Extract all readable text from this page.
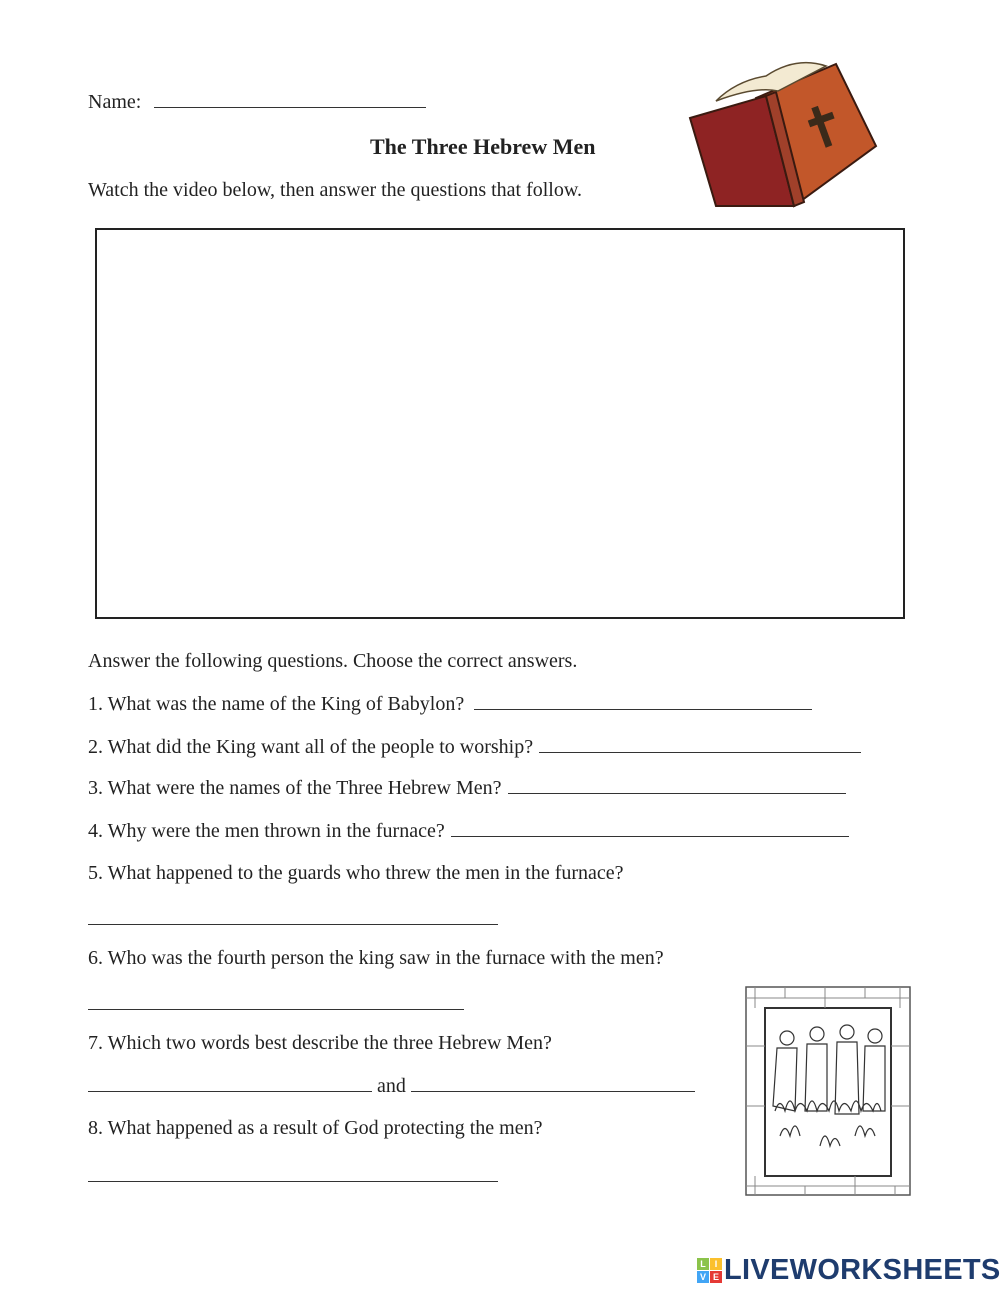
Name:
The Three Hebrew Men
Watch the video below, then answer the questions that follow.
Answer the following questions. Choose the correct answers.
1. What was the name of the King of Babylon?
2. What did the King want all of the people to worship?
3. What were the names of the Three Hebrew Men?
4. Why were the men thrown in the furnace?
5. What happened to the guards who threw the men in the furnace?
6. Who was the fourth person the king saw in the furnace with the men?
7. Which two words best describe the three Hebrew Men?
and
8. What happened as a result of God protecting the men?
L I
V E LIVEWORKSHEETS
